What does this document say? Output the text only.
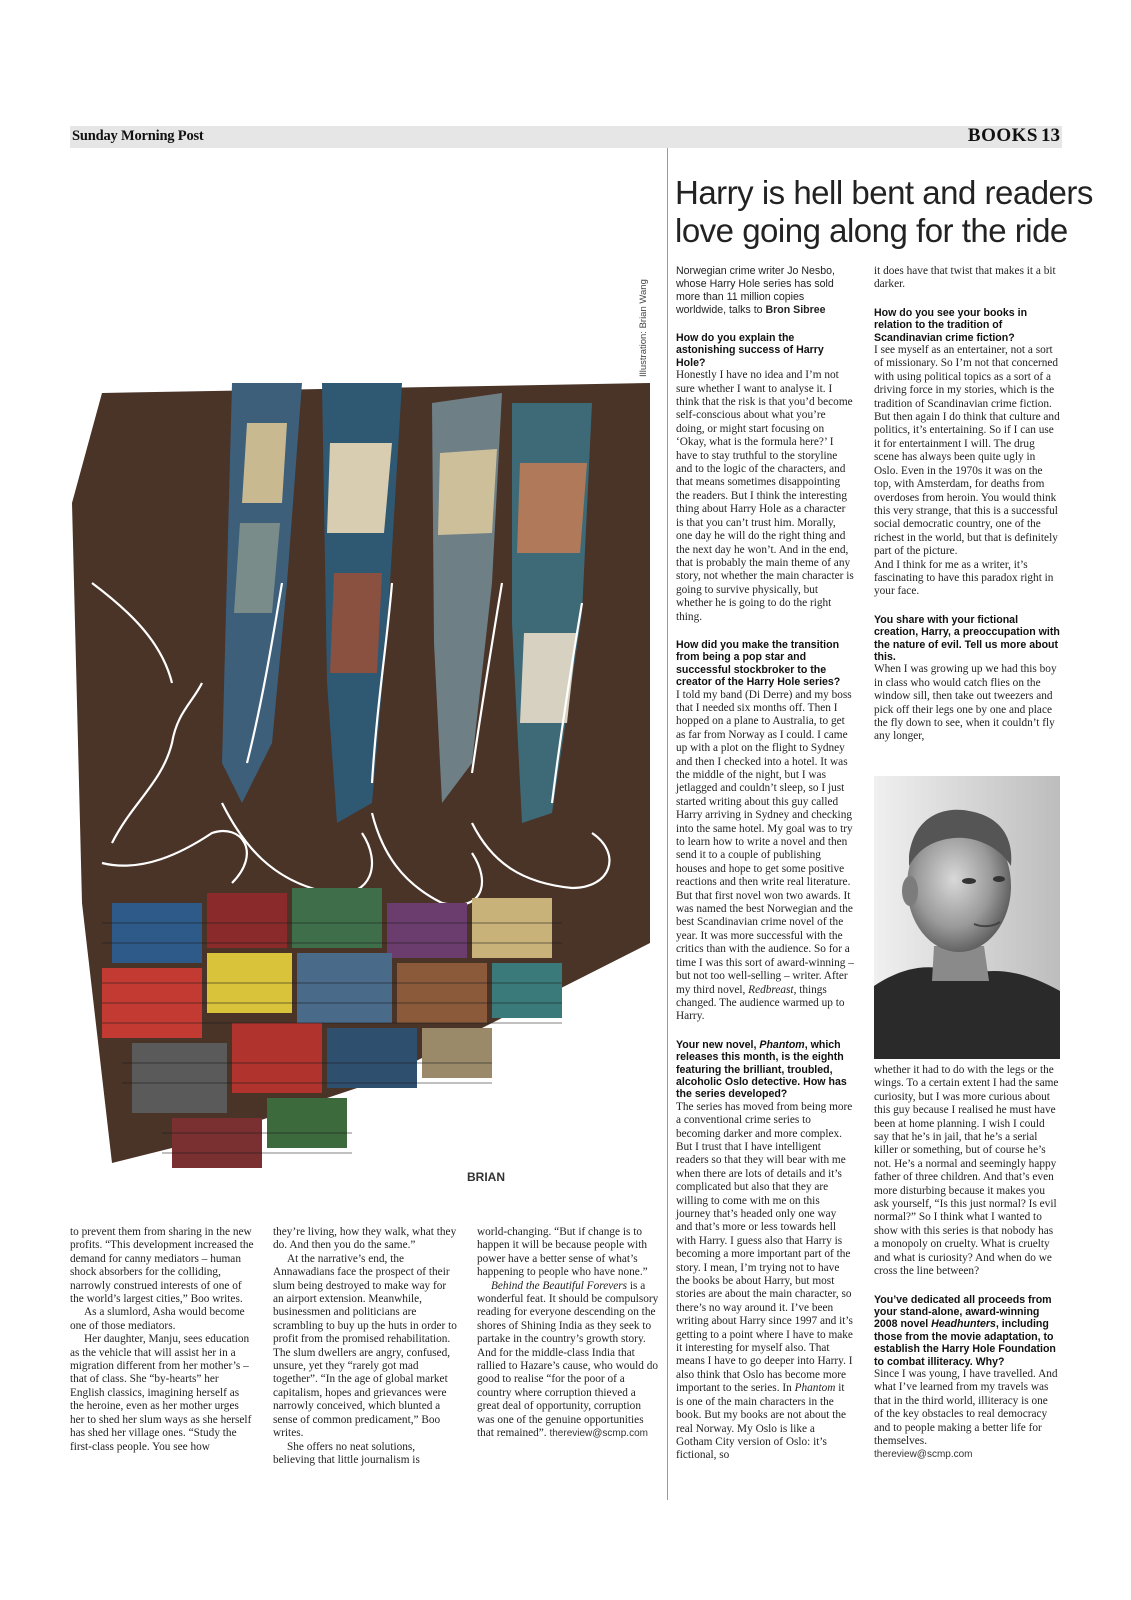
Sunday Morning Post	BOOKS 13
Harry is hell bent and readers love going along for the ride
Illustration: Brian Wang
BRIAN

to prevent them from sharing in the new profits. “This development increased the demand for canny mediators – human shock absorbers for the colliding, narrowly construed interests of one of the world’s largest cities,” Boo writes.

As a slumlord, Asha would become one of those mediators.

Her daughter, Manju, sees education as the vehicle that will assist her in a migration different from her mother’s – that of class. She “by-hearts” her English classics, imagining herself as the heroine, even as her mother urges her to shed her slum ways as she herself has shed her village ones. “Study the first-class people. You see how

they’re living, how they walk, what they do. And then you do the same.”

At the narrative’s end, the Annawadians face the prospect of their slum being destroyed to make way for an airport extension. Meanwhile, businessmen and politicians are scrambling to buy up the huts in order to profit from the promised rehabilitation. The slum dwellers are angry, confused, unsure, yet they “rarely got mad together”. “In the age of global market capitalism, hopes and grievances were narrowly conceived, which blunted a sense of common predicament,” Boo writes.

She offers no neat solutions, believing that little journalism is

world-changing. “But if change is to happen it will be because people with power have a better sense of what’s happening to people who have none.”

Behind the Beautiful Forevers is a wonderful feat. It should be compulsory reading for everyone descending on the shores of Shining India as they seek to partake in the country’s growth story. And for the middle-class India that rallied to Hazare’s cause, who would do good to realise “for the poor of a country where corruption thieved a great deal of opportunity, corruption was one of the genuine opportunities that remained”. thereview@scmp.com

Norwegian crime writer Jo Nesbo, whose Harry Hole series has sold more than 11 million copies worldwide, talks to Bron Sibree

How do you explain the astonishing success of Harry Hole?

Honestly I have no idea and I’m not sure whether I want to analyse it. I think that the risk is that you’d become self-conscious about what you’re doing, or might start focusing on ‘Okay, what is the formula here?’ I have to stay truthful to the storyline and to the logic of the characters, and that means sometimes disappointing the readers. But I think the interesting thing about Harry Hole as a character is that you can’t trust him. Morally, one day he will do the right thing and the next day he won’t. And in the end, that is probably the main theme of any story, not whether the main character is going to survive physically, but whether he is going to do the right thing.

How did you make the transition from being a pop star and successful stockbroker to the creator of the Harry Hole series?

I told my band (Di Derre) and my boss that I needed six months off. Then I hopped on a plane to Australia, to get as far from Norway as I could. I came up with a plot on the flight to Sydney and then I checked into a hotel. It was the middle of the night, but I was jetlagged and couldn’t sleep, so I just started writing about this guy called Harry arriving in Sydney and checking into the same hotel. My goal was to try to learn how to write a novel and then send it to a couple of publishing houses and hope to get some positive reactions and then write real literature. But that first novel won two awards. It was named the best Norwegian and the best Scandinavian crime novel of the year. It was more successful with the critics than with the audience. So for a time I was this sort of award-winning – but not too well-selling – writer. After my third novel, Redbreast, things changed. The audience warmed up to Harry.

Your new novel, Phantom, which releases this month, is the eighth featuring the brilliant, troubled, alcoholic Oslo detective. How has the series developed?

The series has moved from being more a conventional crime series to becoming darker and more complex. But I trust that I have intelligent readers so that they will bear with me when there are lots of details and it’s complicated but also that they are willing to come with me on this journey that’s headed only one way and that’s more or less towards hell with Harry. I guess also that Harry is becoming a more important part of the story. I mean, I’m trying not to have the books be about Harry, but most stories are about the main character, so there’s no way around it. I’ve been writing about Harry since 1997 and it’s getting to a point where I have to make it interesting for myself also. That means I have to go deeper into Harry. I also think that Oslo has become more important to the series. In Phantom it is one of the main characters in the book. But my books are not about the real Norway. My Oslo is like a Gotham City version of Oslo: it’s fictional, so

it does have that twist that makes it a bit darker.

How do you see your books in relation to the tradition of Scandinavian crime fiction?

I see myself as an entertainer, not a sort of missionary. So I’m not that concerned with using political topics as a sort of a driving force in my stories, which is the tradition of Scandinavian crime fiction. But then again I do think that culture and politics, it’s entertaining. So if I can use it for entertainment I will. The drug scene has always been quite ugly in Oslo. Even in the 1970s it was on the top, with Amsterdam, for deaths from overdoses from heroin. You would think this very strange, that this is a successful social democratic country, one of the richest in the world, but that is definitely part of the picture.

And I think for me as a writer, it’s fascinating to have this paradox right in your face.

You share with your fictional creation, Harry, a preoccupation with the nature of evil. Tell us more about this.

When I was growing up we had this boy in class who would catch flies on the window sill, then take out tweezers and pick off their legs one by one and place the fly down to see, when it couldn’t fly any longer,

whether it had to do with the legs or the wings. To a certain extent I had the same curiosity, but I was more curious about this guy because I realised he must have been at home planning. I wish I could say that he’s in jail, that he’s a serial killer or something, but of course he’s not. He’s a normal and seemingly happy father of three children. And that’s even more disturbing because it makes you ask yourself, “Is this just normal? Is evil normal?” So I think what I wanted to show with this series is that nobody has a monopoly on cruelty. What is cruelty and what is curiosity? And when do we cross the line between?

You’ve dedicated all proceeds from your stand-alone, award-winning 2008 novel Headhunters, including those from the movie adaptation, to establish the Harry Hole Foundation to combat illiteracy. Why?

Since I was young, I have travelled. And what I’ve learned from my travels was that in the third world, illiteracy is one of the key obstacles to real democracy and to people making a better life for themselves.

thereview@scmp.com
